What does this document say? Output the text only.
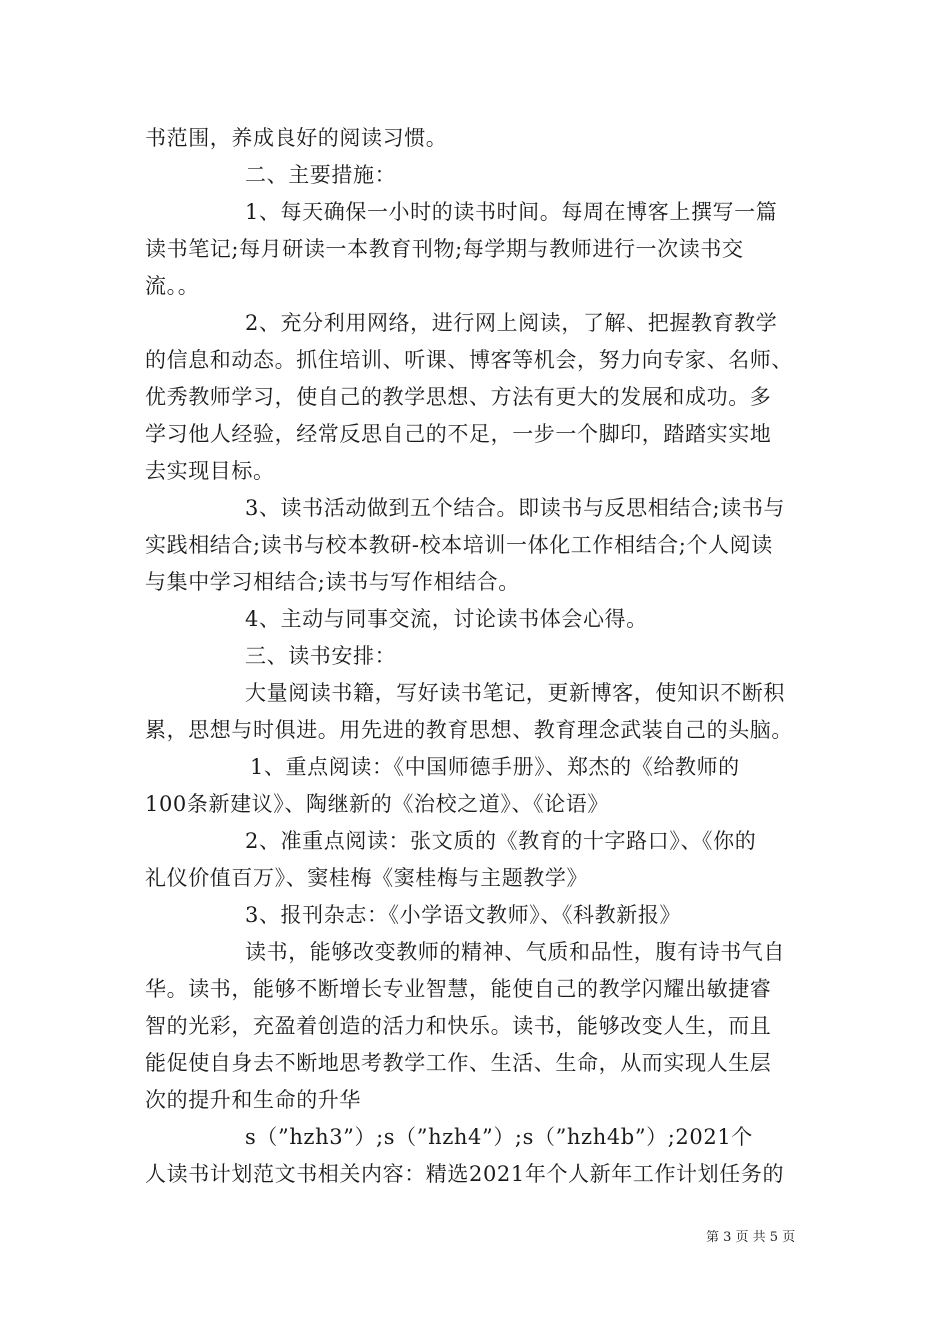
书范围，养成良好的阅读习惯。
二、主要措施：
1、每天确保一小时的读书时间。每周在博客上撰写一篇
读书笔记;每月研读一本教育刊物;每学期与教师进行一次读书交
流。。
2、充分利用网络，进行网上阅读，了解、把握教育教学
的信息和动态。抓住培训、听课、博客等机会，努力向专家、名师、
优秀教师学习，使自己的教学思想、方法有更大的发展和成功。多
学习他人经验，经常反思自己的不足，一步一个脚印，踏踏实实地
去实现目标。
3、读书活动做到五个结合。即读书与反思相结合;读书与
实践相结合;读书与校本教研-校本培训一体化工作相结合;个人阅读
与集中学习相结合;读书与写作相结合。
4、主动与同事交流，讨论读书体会心得。
三、读书安排：
大量阅读书籍，写好读书笔记，更新博客，使知识不断积
累，思想与时俱进。用先进的教育思想、教育理念武装自己的头脑。
1、重点阅读：《中国师德手册》、郑杰的《给教师的
100条新建议》、陶继新的《治校之道》、《论语》
2、准重点阅读：张文质的《教育的十字路口》、《你的
礼仪价值百万》、窦桂梅《窦桂梅与主题教学》
3、报刊杂志：《小学语文教师》、《科教新报》
读书，能够改变教师的精神、气质和品性，腹有诗书气自
华。读书，能够不断增长专业智慧，能使自己的教学闪耀出敏捷睿
智的光彩，充盈着创造的活力和快乐。读书，能够改变人生，而且
能促使自身去不断地思考教学工作、生活、生命，从而实现人生层
次的提升和生命的升华
s（”hzh3”）;s（”hzh4”）;s（”hzh4b”）;2021个
人读书计划范文书相关内容：精选2021年个人新年工作计划任务的
第 3 页 共 5 页
